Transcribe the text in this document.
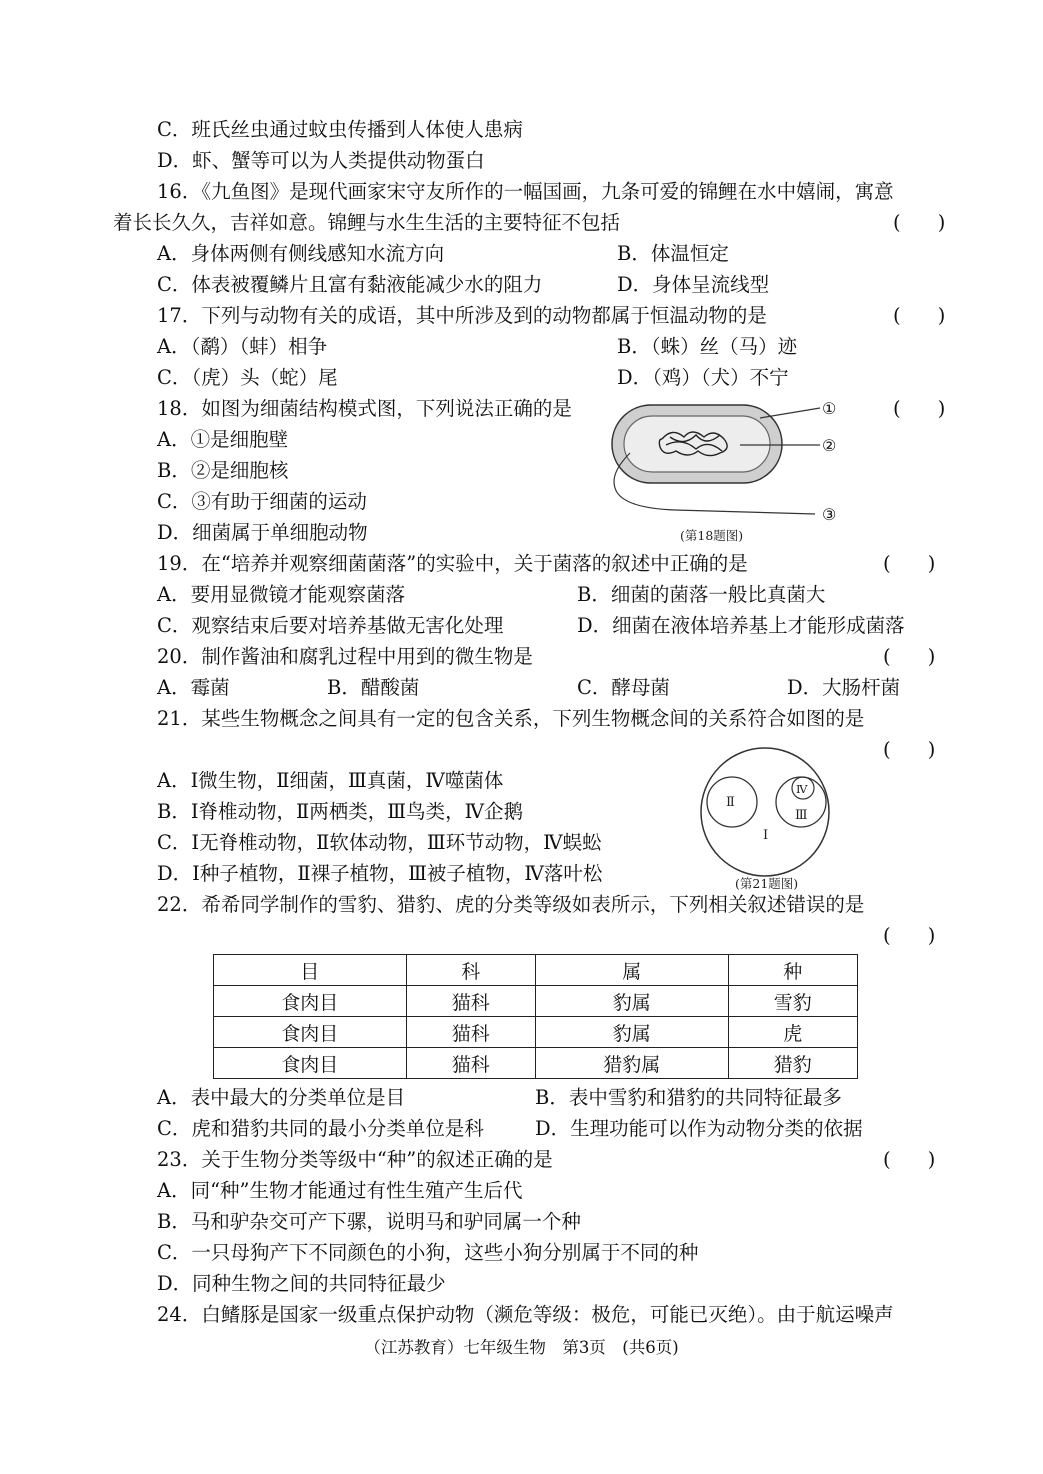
C．班氏丝虫通过蚊虫传播到人体使人患病
D．虾、蟹等可以为人类提供动物蛋白
16．《九鱼图》是现代画家宋守友所作的一幅国画，九条可爱的锦鲤在水中嬉闹，寓意
着长长久久，吉祥如意。锦鲤与水生生活的主要特征不包括	(      )
A．身体两侧有侧线感知水流方向	B．体温恒定
C．体表被覆鳞片且富有黏液能减少水的阻力	D．身体呈流线型
17．下列与动物有关的成语，其中所涉及到的动物都属于恒温动物的是	(      )
A．（鹬）（蚌）相争	B．（蛛）丝（马）迹
C．（虎）头（蛇）尾	D．（鸡）（犬）不宁
18．如图为细菌结构模式图，下列说法正确的是	(      )
A．①是细胞壁
B．②是细胞核
C．③有助于细菌的运动
D．细菌属于单细胞动物
①
②
③
(第18题图)
19．在“培养并观察细菌菌落”的实验中，关于菌落的叙述中正确的是	(      )
A．要用显微镜才能观察菌落	B．细菌的菌落一般比真菌大
C．观察结束后要对培养基做无害化处理	D．细菌在液体培养基上才能形成菌落
20．制作酱油和腐乳过程中用到的微生物是	(      )
A．霉菌	B．醋酸菌	C．酵母菌	D．大肠杆菌
21．某些生物概念之间具有一定的包含关系，下列生物概念间的关系符合如图的是
(      )
A．Ⅰ微生物，Ⅱ细菌，Ⅲ真菌，Ⅳ噬菌体
B．Ⅰ脊椎动物，Ⅱ两栖类，Ⅲ鸟类，Ⅳ企鹅
C．Ⅰ无脊椎动物，Ⅱ软体动物，Ⅲ环节动物，Ⅳ蜈蚣
D．Ⅰ种子植物，Ⅱ裸子植物，Ⅲ被子植物，Ⅳ落叶松
Ⅰ
Ⅱ
Ⅲ
Ⅳ
(第21题图)
22．希希同学制作的雪豹、猎豹、虎的分类等级如表所示，下列相关叙述错误的是
(      )
目	科	属	种
食肉目	猫科	豹属	雪豹
食肉目	猫科	豹属	虎
食肉目	猫科	猎豹属	猎豹
A．表中最大的分类单位是目	B．表中雪豹和猎豹的共同特征最多
C．虎和猎豹共同的最小分类单位是科	D．生理功能可以作为动物分类的依据
23．关于生物分类等级中“种”的叙述正确的是	(      )
A．同“种”生物才能通过有性生殖产生后代
B．马和驴杂交可产下骡，说明马和驴同属一个种
C．一只母狗产下不同颜色的小狗，这些小狗分别属于不同的种
D．同种生物之间的共同特征最少
24．白鳍豚是国家一级重点保护动物（濒危等级：极危，可能已灭绝）。由于航运噪声
（江苏教育）七年级生物　第3页　(共6页)
